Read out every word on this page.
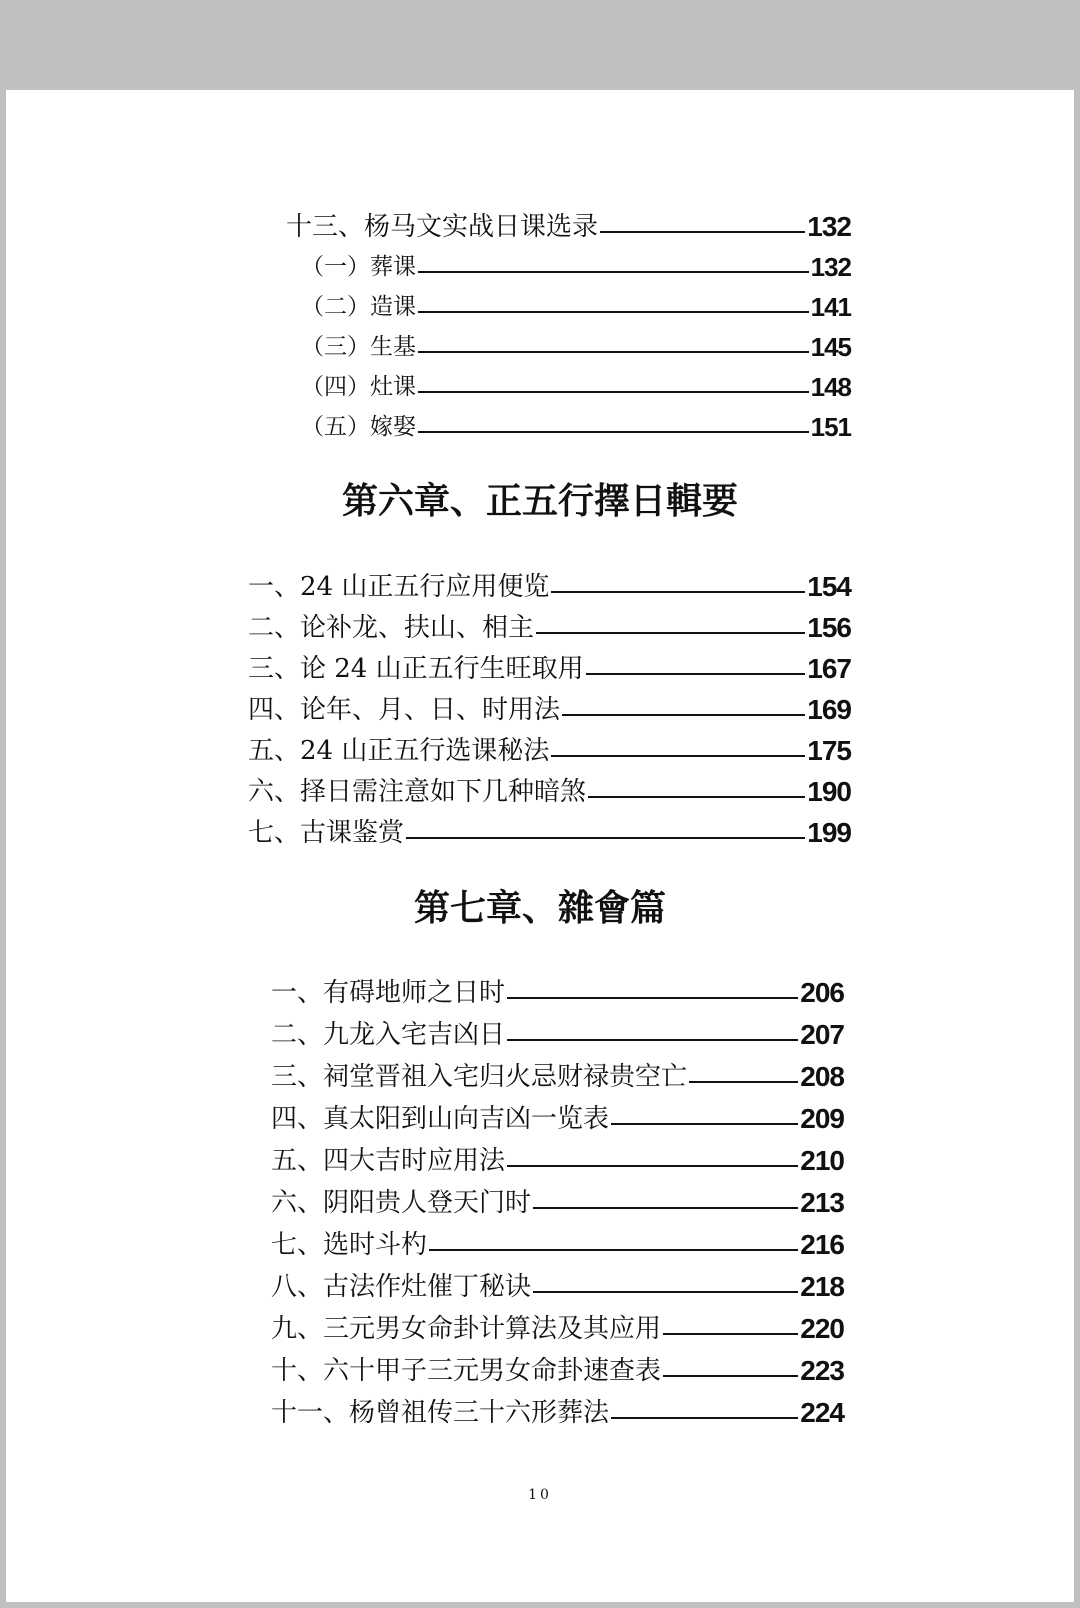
十三、杨马文实战日课选录	132
（一）葬课	132
（二）造课	141
（三）生基	145
（四）灶课	148
（五）嫁娶	151
第六章、正五行擇日輯要
一、24 山正五行应用便览	154
二、论补龙、扶山、相主	156
三、论 24 山正五行生旺取用	167
四、论年、月、日、时用法	169
五、24 山正五行选课秘法	175
六、择日需注意如下几种暗煞	190
七、古课鉴赏	199
第七章、雜會篇
一、有碍地师之日时	206
二、九龙入宅吉凶日	207
三、祠堂晋祖入宅归火忌财禄贵空亡	208
四、真太阳到山向吉凶一览表	209
五、四大吉时应用法	210
六、阴阳贵人登天门时	213
七、选时斗杓	216
八、古法作灶催丁秘诀	218
九、三元男女命卦计算法及其应用	220
十、六十甲子三元男女命卦速查表	223
十一、杨曾祖传三十六形葬法	224
10
